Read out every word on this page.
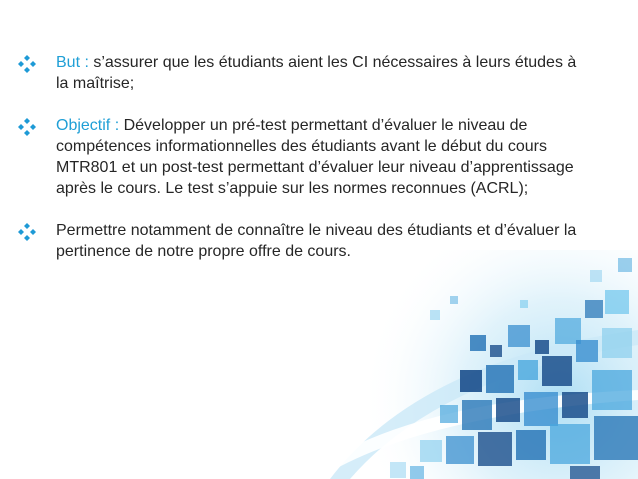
But : s’assurer que les étudiants aient les CI nécessaires à leurs études à la maîtrise;
Objectif : Développer un pré-test permettant d’évaluer le niveau de compétences informationnelles des étudiants avant le début du cours MTR801 et un post-test permettant d’évaluer leur niveau d’apprentissage après le cours. Le test s’appuie sur les normes reconnues (ACRL);
Permettre notamment de connaître le niveau des étudiants et d’évaluer la pertinence de notre propre offre de cours.
